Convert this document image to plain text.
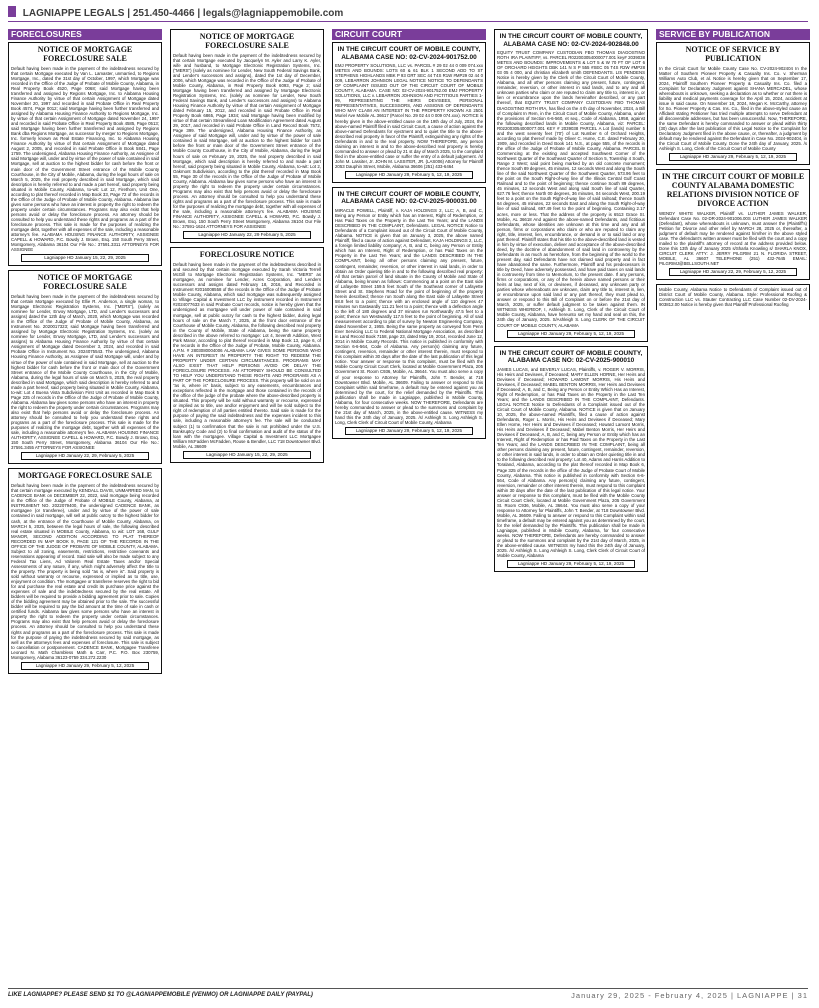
LAGNIAPPE LEGALS | 251.450-4466 | legals@lagniappemobile.com
FORECLOSURES
NOTICE OF MORTGAGE FORECLOSURE SALE

Default having been made in the payment of the indebtedness secured by that certain Mortgage executed by Van L. Lamaster, unmarried, to Regions Mortgage, Inc., dated the 31st day of October, 1997, which Mortgage was recorded in the Office of the Judge of Probate of Mobile County, Alabama, in Real Property Book 4520, Page 0068; said Mortgage having been transferred and assigned by Regions Mortgage, Inc. to Alabama Housing Finance Authority by virtue of that certain Assignment of Mortgage dated November 20, 1997 and recorded in said Probate Office in Real Property Book 4574, Page 0012; said Mortgage having been further transferred and assigned by Alabama Housing Finance Authority to Regions Mortgage, Inc. by virtue of that certain Assignment of Mortgage dated November 24, 1997 and recorded in said Probate Office in Real Property Book 4585, Page 0513; said Mortgage having been further transferred and assigned by Regions Bank dba Regions Mortgage, as successor by merger to Regions Mortgage, Inc. formerly known as Real Estate Financing, Inc. to Alabama Housing Finance Authority by virtue of that certain Assignment of Mortgage dated August 2, 2005, and recorded in said Probate Office in Book 5841, Page 1759. The undersigned, Alabama Housing Finance Authority, as Assignee of said Mortgage will, under and by virtue of the power of sale contained in said Mortgage, sell at auction to the highest bidder for cash before the front or main door of the Government Street entrance of the Mobile County Courthouse, in the City of Mobile, Alabama, during the legal hours of sale on March 5, 2025, the real property described in said Mortgage, which said description is hereby referred to and made a part hereof, said property being situated in Mobile County, Alabama, to-wit: Lot 12, Firethorn, Unit One, according to plat thereof recorded in Map Book 33, Page 72 of the records in the Office of the Judge of Probate of Mobile County, Alabama. Alabama law gives some persons who have an interest in property the right to redeem the property under certain circumstances. Programs may also exist that help persons avoid or delay the foreclosure process. An attorney should be consulted to help you understand these rights and programs as a part of the foreclosure process. This sale is made for the purposes of realizing the mortgage debt, together with all expenses of the sale, including a reasonable attorney's fee. ALABAMA HOUSING FINANCE AUTHORITY, ASSIGNEE CAPELL & HOWARD, P.C. Bowdy J. Brown, Esq. 150 South Perry Street, Montgomery, Alabama 36104 Our File No.: 37591.3311 ATTORNEYS FOR ASSIGNEE

Lagniappe HD January 15, 22, 29, 2025
NOTICE OF MORTGAGE FORECLOSURE SALE

Default having been made in the payment of the indebtedness secured by that certain Mortgage executed by Ellie R. Anderson, a single woman, to Mortgage Electronic Registration Systems, Inc. ("MERS"), (solely as nominee for Lender, Envoy Mortgage, LTD, and Lender's successors and assigns) dated the 12th day of March, 2020, which Mortgage was recorded in the Office of the Judge of Probate of Mobile County, Alabama, as Instrument No. 2020017323; said Mortgage having been transferred and assigned by Mortgage Electronic Registration Systems, Inc. (solely as nominee for Lender, Envoy Mortgage, LTD, and Lender's successors and assigns) to Alabama Housing Finance Authority by virtue of that certain Assignment of Mortgage dated December 3, 2024, and recorded in said Probate Office in Instrument No. 2024075543. The undersigned, Alabama Housing Finance Authority, as Assignee of said Mortgage will, under and by virtue of the power of sale contained in said Mortgage, sell at auction to the highest bidder for cash before the front or main door of the Government Street entrance of the Mobile County Courthouse, in the City of Mobile, Alabama, during the legal hours of sale on March 5, 2025, the real property described in said Mortgage, which said description is hereby referred to and made a part hereof, said property being situated in Mobile County, Alabama, to-wit: Lot 4 Buena Vista Subdivision First Unit as recorded in Map Book 5 Page 225 of records in the Office of the Judge of Probate of Mobile County, Alabama. Alabama law gives some persons who have an interest in property the right to redeem the property under certain circumstances. Programs may also exist that help persons avoid or delay the foreclosure process. An attorney should be consulted to help you understand these rights and programs as a part of the foreclosure process. This sale is made for the purposes of realizing the mortgage debt, together with all expenses of the sale, including a reasonable attorney's fee. ALABAMA HOUSING FINANCE AUTHORITY, ASSIGNEE CAPELL & HOWARD, P.C. Bowdy J. Brown, Esq. 150 South Perry Street, Montgomery, Alabama 36104 Our File No.: 37591.3455 ATTORNEYS FOR ASSIGNEE

Lagniappe HD January 22, 29, February 5, 2025
MORTGAGE FORECLOSURE SALE

Default having been made in the payment of the indebtedness secured by that certain mortgage executed by KENDALL DAVIS, UNMARRIED MAN, to CADENCE BANK on DECEMBER 22, 2022, said mortgage being recorded in the Office of the Judge of Probate of MOBILE County, Alabama, at INSTRUMENT NO. 2022079400, the undersigned CADENCE BANK, as mortgagee (or transferee), under and by virtue of the power of sale contained in said mortgage, will sell at public outcry to the highest bidder for cash, at the entrance of the Courthouse of Mobile County, Alabama, on MARCH 5, 2025, between the legal hours of sale, the following described real estate situated in MOBILE County, Alabama, to wit: LOT 168, GULF MANOR, SECOND ADDITION ACCORDING TO PLAT THEREOF RECORDED IN MAP BOOK 9, PAGE 121 OF THE RECORDS IN THE OFFICE OF THE JUDGE OF PROBATE OF MOBILE COUNTY, ALABAMA. Subject to all zoning, easements, restrictions, restrictive covenants and reservations appearing of record. Said sale will also be made subject to any Federal Tax Liens, Ad Valorem Real Estate Taxes and/or Special Assessments of any nature, if any, which might adversely affect the title to the property. The property is being sold "as is, where is". Said property is sold without warranty or recourse, expressed or implied as to title, use, enjoyment or condition. The mortgagee or transferee reserves the right to bid for and purchase the real estate and credit its purchase price against the expenses of sale and the indebtedness secured by the real estate. All bidders will be required to provide a bidding agreement prior to sale. Copies of the bidding agreement may be obtained prior to the sale. The successful bidder will be required to pay the bid amount at the time of sale in cash or certified funds. Alabama law gives some persons who have an interest in property the right to redeem the property under certain circumstances. Programs may also exist that help persons avoid or delay the foreclosure process. An attorney should be consulted to help you understand these rights and programs as a part of the foreclosure process. This sale is made for the purpose of paying the indebtedness secured by said mortgage, as well as the attorneys fees and expenses of foreclosure. This sale is subject to cancellation or postponement. CADENCE BANK, Mortgagee Transferee Leonard N. Math Chambless Math & Carr, P.C. P.O. Box 230759, Montgomery, Alabama 36123-0759 334.272.2230

Lagniappe HD January 29, February 5, 12, 2025
NOTICE OF MORTGAGE FORECLOSURE SALE

Default having been made in the payment of the indebtedness secured by that certain Mortgage executed by Jacquelyn M. Ayler and Larry K. Ayler, wife and husband, to Mortgage Electronic Registration Systems, Inc. ("MERS") (solely as nominee for Lender, New South Federal Savings Bank, and Lender's successors and assigns), dated the 1st day of December, 2006, which Mortgage was recorded in the Office of the Judge of Probate of Mobile County, Alabama, in Real Property Book 6093, Page 2; said Mortgage having been transferred and assigned by Mortgage Electronic Registration Systems, Inc. (solely as nominee for Lender, New South Federal Savings Bank, and Lender's successors and assigns) to Alabama Housing Finance Authority by virtue of that certain Assignment of Mortgage dated February 15, 2012, and recorded in said Probate Office in Real Property Book 6865, Page 1934; said Mortgage having been modified by virtue of that certain Streamlined Loan Modification Agreement dated August 29, 2017, and recorded in said Probate Office in Land Record Book 7572, Page 399. The undersigned, Alabama Housing Finance Authority, as Assignee of said Mortgage will, under and by virtue of the power of sale contained in said Mortgage, sell at auction to the highest bidder for cash before the front or main door of the Government Street entrance of the Mobile County Courthouse, in the City of Mobile, Alabama, during the legal hours of sale on February 19, 2025, the real property described in said Mortgage, which said description is hereby referred to and made a part hereof, said property being situated in Mobile County, Alabama, to-wit: Lot 2, Oakmont Subdivision, according to the plat thereof recorded in Map Book 55, Page 30 of the records in the Office of the Judge of Probate of Mobile County, Alabama. Alabama law gives some persons who have an interest in property the right to redeem the property under certain circumstances. Programs may also exist that help persons avoid or delay the foreclosure process. An attorney should be consulted to help you understand these rights and programs as a part of the foreclosure process. This sale is made for the purposes of realizing the mortgage debt, together with all expenses of the sale, including a reasonable attorney's fee. ALABAMA HOUSING FINANCE AUTHORITY, ASSIGNEE CAPELL & HOWARD, P.C. Bowdy J. Brown, Esq. 150 South Perry Street Montgomery, Alabama 36104 Our File No.: 37591-1624 ATTORNEYS FOR ASSIGNEE

Lagniappe HD January 22, 29 February 5, 2025
FORECLOSURE NOTICE

Default having been made in the payment of the indebtedness described in and secured by that certain mortgage executed by Sarah Victoria Terrell McGill to Mortgage Electronic Registration Systems, Inc. "MERS" as mortgagee, as nominee for Lender, Acres Corporation, and Lenders successors and assigns dated February 18, 2016, and Recorded in Instrument #2016008558 of the records in the Office of the Judge of Probate Mobile County, Alabama, which said mortgage was subsequently assigned to Village Capital & Investment LLC by instrument recorded in Instrument #2024077633 in said Probate Court records, notice is hereby given that the undersigned as mortgagee will under power of sale contained in said mortgage, sell at public outcry for cash to the highest bidder, during legal hours of sale on the March 7, 2025, at the front door entrance of the Courthouse of Mobile County, Alabama, the following described real property in the County of Mobile, State of Alabama, being the same property described in the above referred to mortgage: Lot 4, Seventh Addition, West Park Manor, according to plat thereof recorded in Map Book 13, page 6, of the records in the Office of the Judge of Probate, Mobile County, Alabama. A.P.N. # 2803080004006 ALABAMA LAW GIVES SOME PERSONS WHO HAVE AN INTEREST IN PROPERTY THE RIGHT TO REDEEM THE PROPERTY UNDER CERTAIN CIRCUMSTANCES. PROGRAMS MAY ALSO EXIST THAT HELP PERSONS AVOID OR DELAY THE FORECLOSURE PROCESS. AN ATTORNEY SHOULD BE CONSULTED TO HELP YOU UNDERSTAND THESE RIGHTS AND PROGRAMS AS A PART OF THE FORECLOSURE PROCESS. This property will be sold on an "as is, where is" basis, subject to any easements, encumbrances and exceptions reflected in the mortgage and those contained in the records of the office of the judge of the probate where the above-described property is situated. This property will be sold without warranty or recourse, expressed or implied as to title, use and/or enjoyment and will be sold subject to the right of redemption of all parties entitled thereto. Said sale is made for the purpose of paying the said indebtedness and the expenses incident to this sale, including a reasonable attorney's fee. The sale will be conducted subject (1) to confirmation that the sale is not prohibited under the U.S. Bankruptcy Code and (2) to final confirmation and audit of the status of the loan with the mortgagee. Village Capital & Investment LLC Mortgagee William McFadden McFadden, Rouse & Bendler, LLC 718 Downtowner Blvd. Mobile, AL 36609

Lagniappe HD January 15, 22, 29, 2025
CIRCUIT COURT
IN THE CIRCUIT COURT OF MOBILE COUNTY, ALABAMA CASE NO: 02-CV-2024-901752.00

EMJ PROPERTY SOLUTIONS, LLC vs. PARCEL # 29 02 44 0 009 074.xxx METES AND BOUNDS: LOTS 60 & 61 BLK 1 SECOND ADD TO ST STEPHENS HIGHLANDS MBK P 93 GRT SEC 44 T4S R1W #MP29 02 44 0 009, LEBARRON JOHNSON LEGAL NOTICE NOTICE TO DEFENDANTS OF COMPLAINT ISSUED OUT OF THE CIRCUIT COURT OF MOBILE COUNTY, ALABAMA. CASE NO: 02-CV-2024-901752.00 EMJ PROPERTY SOLUTIONS, LLC v. LEBARRON JOHNSON AND FICTITIOUS PARTIES 1-99, REPRESENTING THE HEIRS DEVISEES, PERSONAL REPRESENTATIVES, SUCCESSORS, AND ASSIGNS OF DEFENDANTS WHO MAY CLAIM AN INTEREST IN THE PROPERTY KNOWN AS 2501 Muriel Ave Mobile AL 36617 (Parcel No. 29 02 44 0 009 074.xxx). NOTICE is hereby given in the above-entitled cause on the 19th day of July, 2024, the above-named Plaintiff filed in said Circuit Court, a cause of action against the above-named Defendants for ejectment and to quiet the title to the above-described real property in favor of the Plaintiff, extinguishing any rights of the Defendants in and to the real property. NOW THEREFORE, any person claiming an interest in and to the above-described real property is hereby commanded to answer or plead by 21 st day of March 2025, to the complaint filed in the above-entitled case or suffer the entry of a default judgement. /s/ John M. Lassiter, Jr. JOHN M. LASSITER, JR. (LAS006) Attorney for Plaintiff 2053 Dauphin Street, Mobile, Alabama 36606 (251) 433-6464

Lagniappe HD January 29, February 5, 12, 19, 2025
IN THE CIRCUIT COURT OF MOBILE COUNTY, ALABAMA CASE NO: 02-CV-2025-900031.00

MIRACLE POWELL, Plaintiff, v. KAJA HOLDINGS 2, LLC; A, B, and C, Being any Person or Entity which has an Interest, Right of Redemption, or Has Paid Taxes on the Property in the Last Ten Years; and the LANDS DESCRIBED IN THE COMPLAINT, Defendants. LEGAL NOTICE Notice to Defendants of a Complaint issued out of the Circuit Court of Mobile County, Alabama. NOTICE is given that on January 3, 2025, the above named Plaintiff, filed a cause of action against Defendant, KAJA HOLDINGS 2, LLC, a foreign limited liability company; A, B, and C, being any Person or Entity which has an Interest, Right of Redemption, or has Paid Taxes on the Property in the Last Ten Years; and the LANDS DESCRIBED IN THE COMPLAINT, being all other persons claiming any present, future, contingent, remainder, reversion, or other interest in said lands, in order to obtain an Order quieting title in and to the following described real property: All that certain parcel of land situate in the County of Mobile and State of Alabama, being known as follows: Commencing at a point on the East side of Lafayette Street 159.5 feet South of the Southeast corner of Lafayette Street and St. Stephens Road for the point of beginning of the property herein described; thence run South along the East side of Lafayette Street 58.8 feet to a point; thence with an enclosed angle of 110 degrees 47 minutes run Eastwardly 111.21 feet to a point; thence with a deflection angle to the left of 180 degrees and 37 minutes run Northwardly 47.5 feet to a point; thence run Westwardly 117.5 feet to the point of beginning. All of said measurement according to plat of survey by Newton Engineering Company, dated November 2, 1955. Being the same property as conveyed from Penn Ever Servicing LLC to Federal National Mortgage Association, as described in Land Record Book 7158, page 23, dated May 19, 2014, recorded June 12, 2014 in Mobile County Records. This notice is published in conformity with Section 6-6-564, Code of Alabama. Any person(s) claiming any future, contingent, reversion, remainder or other interest therein, must respond to this complaint within 30 days after the date of the last publication of this legal notice. Your answer or response to this complaint, must be filed with the Mobile County Circuit Court Clerk, located at Mobile Government Plaza, 205 Government St. Room C936, Mobile, AL 36644. You must also serve a copy of your response to Attorney for Plaintiffs, John T. Bender, at 718 Downtowner Blvd. Mobile, AL 36609. Failing to answer or respond to this Complaint within said timeframe, a default may be entered against you as determined by the court, for the relief demanded by the Plaintiffs. This publication shall be made in Lagniappe, published in Mobile County, Alabama, for four consecutive weeks. NOW THEREFORE, Defendants are hereby commanded to answer or plead to the summons and complaint by the 21st day of March, 2025, in the above-entitled cause. WITNESS my hand this the 24th day of January, 2025. /s/ Ashleigh S. Long Ashleigh S. Long, Clerk Clerk of Circuit Court of Mobile County, Alabama

Lagniappe HD January 29, February 5, 12, 19, 2025
IN THE CIRCUIT COURT OF MOBILE COUNTY, ALABAMA CASE NO: 02-CV-2024-902848.00

EQUITY TRUST COMPANY CUSTODIAN FBO THOMAS DIAGOSTINO ROTH IRA PLAINTIFF, vs. PARCEL R022003054000077.001 key# 2039038 METES AND BOUNDS: IMPROVEMENTS & LOT 5 & W 70 FT OF LOT 6 OF ORCHARD HEIGHTS DBK 141 N S P 555 #SEC 05 T4S R2W #MP28 03 05 4 000, and christian elizabeth smith DEFENDANTS. LIS PENDENS Notice is hereby given by the Clerk of the Circuit Court of Mobile County, Alabama, and all other persons claiming any present, future, contingent, remainder, reversion, or other interest in said lands, and to any and all unknown parties who claim or are reputed to claim any title to, interest in, or lien or encumbrance upon the lands hereinafter described, or any part thereof, that EQUITY TRUST COMPANY CUSTODIAN FBO THOMAS DIAGOSTINO ROTH IRA, has filed on the 4 th day of November, 2024, a Bill of Complaint In Rem, in the Circuit Court of Mobile County, Alabama, under the provisions of Section 6-6-560, et seq., Code of Alabama, 1958, against the following described lands in Mobile County, Alabama, viz: PARCEL: R022003054000077.001 KEY # 2039038 PARCEL A Lot (lands) number 5 and the west seventy feet (70') of Lot Number 6 of Orchard Heights, according to plat thereof made by Oliver C. Hume, C.E. dated February 20, 1909, and recorded in Deed Book 141 N.S., at page 555, of the records in the office of the Judge of Probate of Mobile County, Alabama. PARCEL B Commencing at the existing and accepted Southwest Corner of the Northwest Quarter of the Southeast Quarter of Section 5, Township 4 South, Range 2 West; said point being marked by an old concrete monument; thence South 89 degrees, 45 minutes, 12 seconds West and along the South line of the said Northwest Quarter of the Southwest Quarter, 573.96 feet to the point on the South Right-of-way line of the Illinois Central Gulf Coast Railroad and to the point of beginning; thence continue South 89 degrees, 45 minutes, 12 seconds West and along said South line of said Quarter, 627.76 feet; thence North 00 degrees, 36 minutes, 04 seconds West, 200.19 feet to a point on the South Right-of-way line of said railroad; thence South 64 degrees, 45 minutes, 22 seconds East and along the South Right-of-way line of said railroad, 697.49 feet to the point of beginning. Containing 2.17 acres, more or less. That the address of the property is 6513 Grace St. Mobile, AL 36618 And against the above-named Defendants, and fictitious Defendants, whose identities are unknown at this time and any and all person, firms or corporations who claim or who are reputed to claim any right, title, interest, lien, encumbrance, or demand in or to said land or any part thereof. Plaintiff states that his title to the above-described land is vested in him by virtue of execution, deliver and acceptance of the above-described deed, by the doctrine of abandonment of said land in controversy by the Defendants in as much as heretofore, from the beginning of the world to the present day, said Defendants have not claimed said property and in fact have abandoned the same. Furthermore, Plaintiff and his predecessors in title by Deed, have adversely possessed, and have paid taxes on said lands in controversy from time to Memorium, to the present date. If any persons, firms or corporations, or any of the herein above named persons or their heirs at law, next of kin, or devisees, if deceased, any unknown party or parties whose whereabouts are unknown, claim any title to, interest in, lien, or encumbrance upon said land or any part thereof, they must plead to, answer or respond to this Bill of Complaint on or before the 21st day of March, 2025, or suffer default judgment to be taken against them. IN WITNESS WHEREOF, I, Ashleigh S. Long, Clerk of the Circuit Court of Mobile County, Alabama, have hereunto set my hand and seal on this, the 24th day of January, 2025. S/Ashleigh S. Long CLERK OF THE CIRCUIT COURT OF MOBILE COUNTY, ALABAMA

Lagniappe HD January 29, February 5, 12, 19, 2025
IN THE CIRCUIT COURT OF MOBILE COUNTY, ALABAMA CASE NO: 02-CV-2025-900010

JAMES LUCAS, and BEVERLY LUCAS, Plaintiffs, v. ROGER V. MORRIS, His Heirs and Devisees, if Deceased; MARY ELLEN HORNE, Her Heirs and Devisees if Deceased; HOWARD LAMONT MORRIS, His Heirs and Devisees, if Deceased; MABEL BENTON MORRIS, Her Heirs and Devisees if Deceased; A, B, and C, Being any Person or Entity Which Has an Interest, Right of Redemption, or has Paid Taxes on the Property in the Last Ten Years; and the LANDS DESCRIBED IN THE COMPLAINT, Defendants. LEGAL NOTICE Notice to Defendants of a Complaint issued out of the Circuit Court of Mobile County, Alabama. NOTICE is given that on January 10, 2025, the above-named Plaintiffs, filed a cause of action against Defendants, Roger L. Morris, His Heirs and Devisees if Deceased; Mary Ellen Horne, Her Heirs and Devisees if Deceased; Howard Lamont Morris, His Heirs and Devisees if Deceased; Mabel Benton Morris, Her Heirs and Devisees if Deceased; A, B, and C, being any Person or Entity which has an Interest, Right of Redemption or has Paid Taxes on the Property in the Last Ten Years; and the LANDS DESCRIBED IN THE COMPLAINT, being all other persons claiming any present, future, contingent, remainder, reversion, or other interest in said lands, in order to obtain an Order quieting title in and to the following described real property: Lot 40, Adams and Harris Addition to Toraland, Alabama, according to the plat thereof recorded in Map Book 6, Page 325 of the records in the office of the Judge of Probate Court of Mobile County, Alabama. This notice is published in conformity with Section 6-6-564, Code of Alabama. Any person(s) claiming any future, contingent, reversion, remainder or other interest therein, must respond to this complaint within 30 days after the date of the last publication of this legal notice. Your answer or response to this complaint, must be filed with the Mobile County Circuit Court Clerk, located at Mobile Government Plaza, 205 Government St. Room C936, Mobile, AL 36644. You must also serve a copy of your response to Attorney for Plaintiffs, John T. Bender, at 718 Downtowner Blvd. Mobile, AL 36609. Failing to answer or respond to this Complaint within said timeframe, a default may be entered against you as determined by the court, for the relief demanded by the Plaintiffs. This publication shall be made in Lagniappe, published in Mobile County, Alabama, for four consecutive weeks. NOW THEREFORE, Defendants are hereby commanded to answer or plead to the summons and complaint by the 21st day of March, 2025, in the above-entitled cause. WITNESS my hand this the 24th day of January, 2025. /s/ Ashleigh S. Long Ashleigh S. Long, Clerk Clerk of Circuit Court of Mobile County, Alabama

Lagniappe HD January 29, February 5, 12, 19, 2025
SERVICE BY PUBLICATION
NOTICE OF SERVICE BY PUBLICATION

In the Circuit Court for Mobile County Case No. CV-2024-902404 In the Matter of Southern Pioneer Property & Casualty Ins. Co. v. Sherman Williams Auto Club, et al. Notice is hereby given that on September 17, 2024, Plaintiff Southern Pioneer Property & Casualty Ins. Co. filed a Complaint for Declaratory Judgment against SHANA MERCADEL, whose whereabouts is unknown, seeking a declaration as to whether or not there is liability and medical payments coverage for the April 15, 2024, accident at issue in said cause. On November 18, 2024, Megan K. McCarthy, attorney for So. Pioneer Property & Cas. Ins. Co., filed in the above-styled cause an Affidavit stating Petitioner has tried multiple attempts to serve Defendant at all discoverable addresses, but has been unsuccessful. Now, THEREFORE, the same Defendant is hereby commanded to answer or plead within thirty (30) days after the last publication of this Legal Notice to the Complaint for Declaratory Judgment filed in the above cause, or, thereafter, a judgment by default may be rendered against the Defendant in Case No. 2024-902404, in the Circuit Court of Mobile County. Done the 24th day of January, 2025. /s Ashleigh S. Long, Clerk of the Circuit Court of Mobile County

Lagniappe HD January 29, February 5, 12, 19, 2025
IN THE CIRCUIT COURT OF MOBILE COUNTY ALABAMA DOMESTIC RELATIONS DIVISION NOTICE OF DIVORCE ACTION

WENDY WHITE WALKER, Plaintiff vs. LUTHER JAMES WALKER, Defendant Case No. 02-DR-2024-901006.00S LUTHER JAMES WALKER (Defendant), whose whereabouts is unknown, must answer the (Plaintiff's) Petition for Divorce and other relief by MARCH 28, 2025 or, thereafter, a judgment of default may be rendered against him/her in the above styled case. The defendant's written answer must be filed with the court and a copy mailed to the plaintiff's attorney of record at the address provided below. Done this 13th day of January 2025 s/Sharla Knowling s/ SHARLA KNOX, CIRCUIT CLERK ATTY: J. JERRY PILGRIM 21 N. FLORIDA STREET, MOBILE, AL 36607 TELEPHONE (251) 432-7645 EMAIL: PILGRIMJ@BELLSOUTH.NET

Lagniappe HD January 22, 29, February 5, 12, 2025

Mobile County, Alabama Notice to Defendants of Complaint issued out of District Court of Mobile County, Alabama. Style: Professional Roofing & Construction LLC vs. Stauter Contracting LLC Case Number 02-DV-2024-903812.00 Notice is hereby given that Plaintiff Professional Roofing

LIKE LAGNIAPPE? PLEASE SEND $1 TO @LAGNIAPPEMOBILE (VENMO) OR LAGNIAPPE DAILY (PAYPAL)	January 29, 2025 - February 4, 2025 | LAGNIAPPE | 31
